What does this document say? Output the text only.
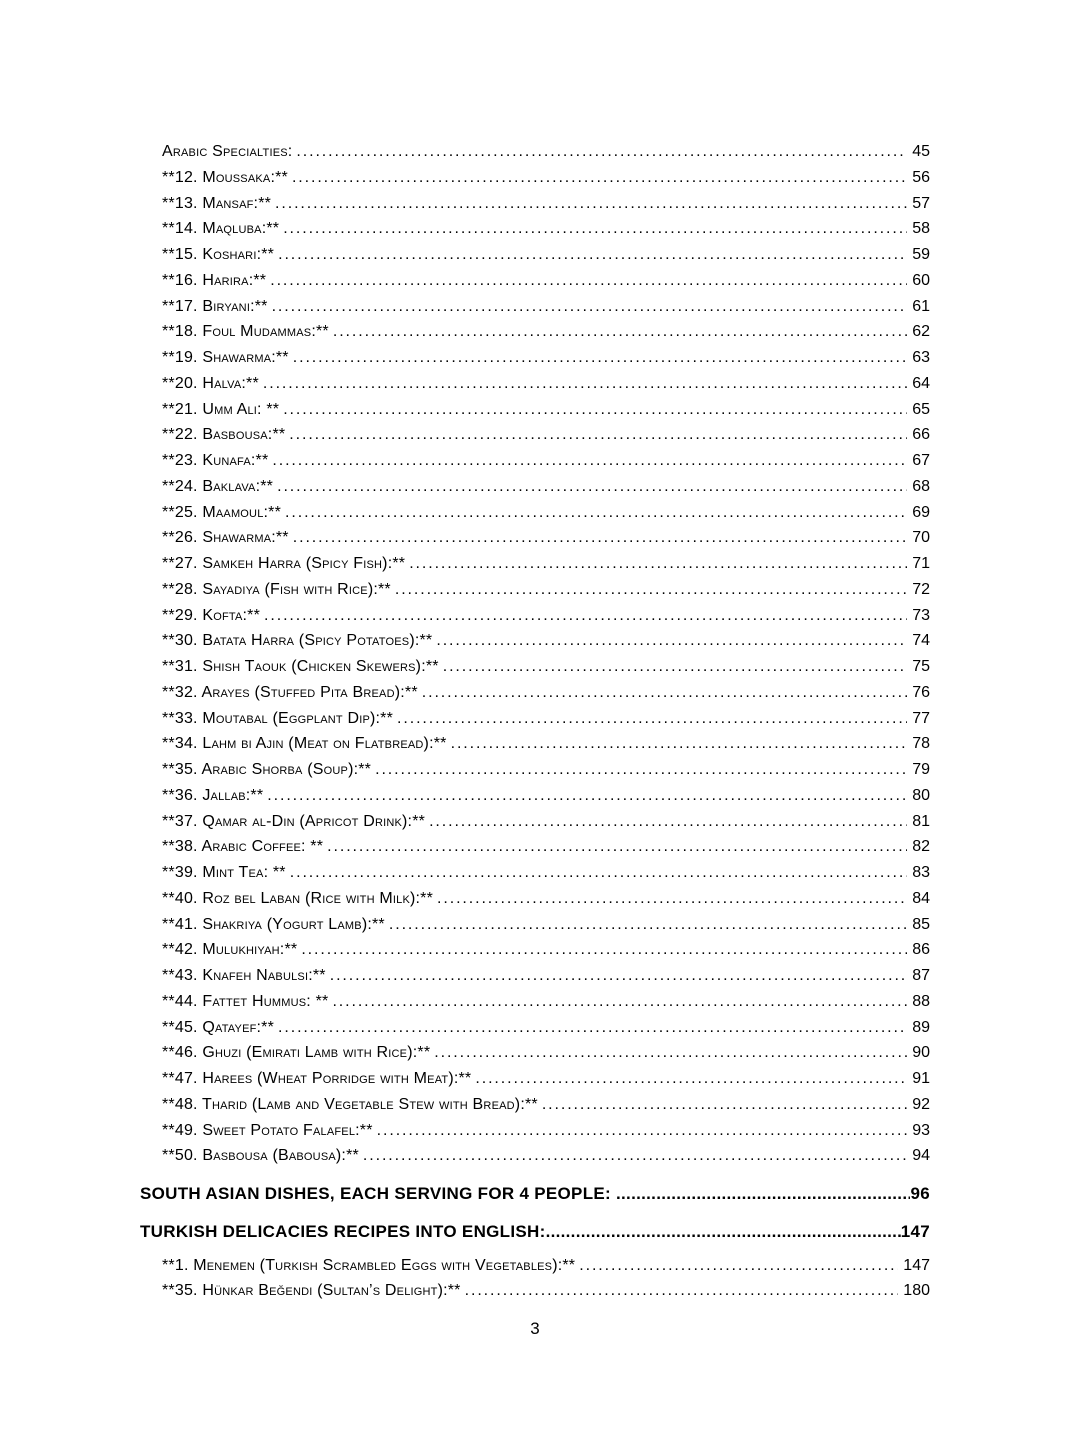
Arabic Specialties: .....	45
**12. Moussaka:** .....	56
**13. Mansaf:** .....	57
**14. Maqluba:** .....	58
**15. Koshari:** .....	59
**16. Harira:** .....	60
**17. Biryani:** .....	61
**18. Foul Mudammas:** .....	62
**19. Shawarma:** .....	63
**20. Halva:** .....	64
**21. Umm Ali: ** .....	65
**22. Basbousa:** .....	66
**23. Kunafa:** .....	67
**24. Baklava:** .....	68
**25. Maamoul:** .....	69
**26. Shawarma:** .....	70
**27. Samkeh Harra (Spicy Fish):** .....	71
**28. Sayadiya (Fish with Rice):** .....	72
**29. Kofta:** .....	73
**30. Batata Harra (Spicy Potatoes):** .....	74
**31. Shish Taouk (Chicken Skewers):** .....	75
**32. Arayes (Stuffed Pita Bread):** .....	76
**33. Moutabal (Eggplant Dip):** .....	77
**34. Lahm bi Ajin (Meat on Flatbread):** .....	78
**35. Arabic Shorba (Soup):** .....	79
**36. Jallab:** .....	80
**37. Qamar al-Din (Apricot Drink):** .....	81
**38. Arabic Coffee: ** .....	82
**39. Mint Tea: ** .....	83
**40. Roz bel Laban (Rice with Milk):** .....	84
**41. Shakriya (Yogurt Lamb):** .....	85
**42. Mulukhiyah:** .....	86
**43. Knafeh Nabulsi:** .....	87
**44. Fattet Hummus: ** .....	88
**45. Qatayef:** .....	89
**46. Ghuzi (Emirati Lamb with Rice):** .....	90
**47. Harees (Wheat Porridge with Meat):** .....	91
**48. Tharid (Lamb and Vegetable Stew with Bread):** .....	92
**49. Sweet Potato Falafel:** .....	93
**50. Basbousa (Babousa):** .....	94
SOUTH ASIAN DISHES, EACH SERVING FOR 4 PEOPLE: .....	96
TURKISH DELICACIES RECIPES INTO ENGLISH: .....	147
**1. Menemen (Turkish Scrambled Eggs with Vegetables):** .....	147
**35. Hünkar Beğendi (Sultan’s Delight):** .....	180
3
